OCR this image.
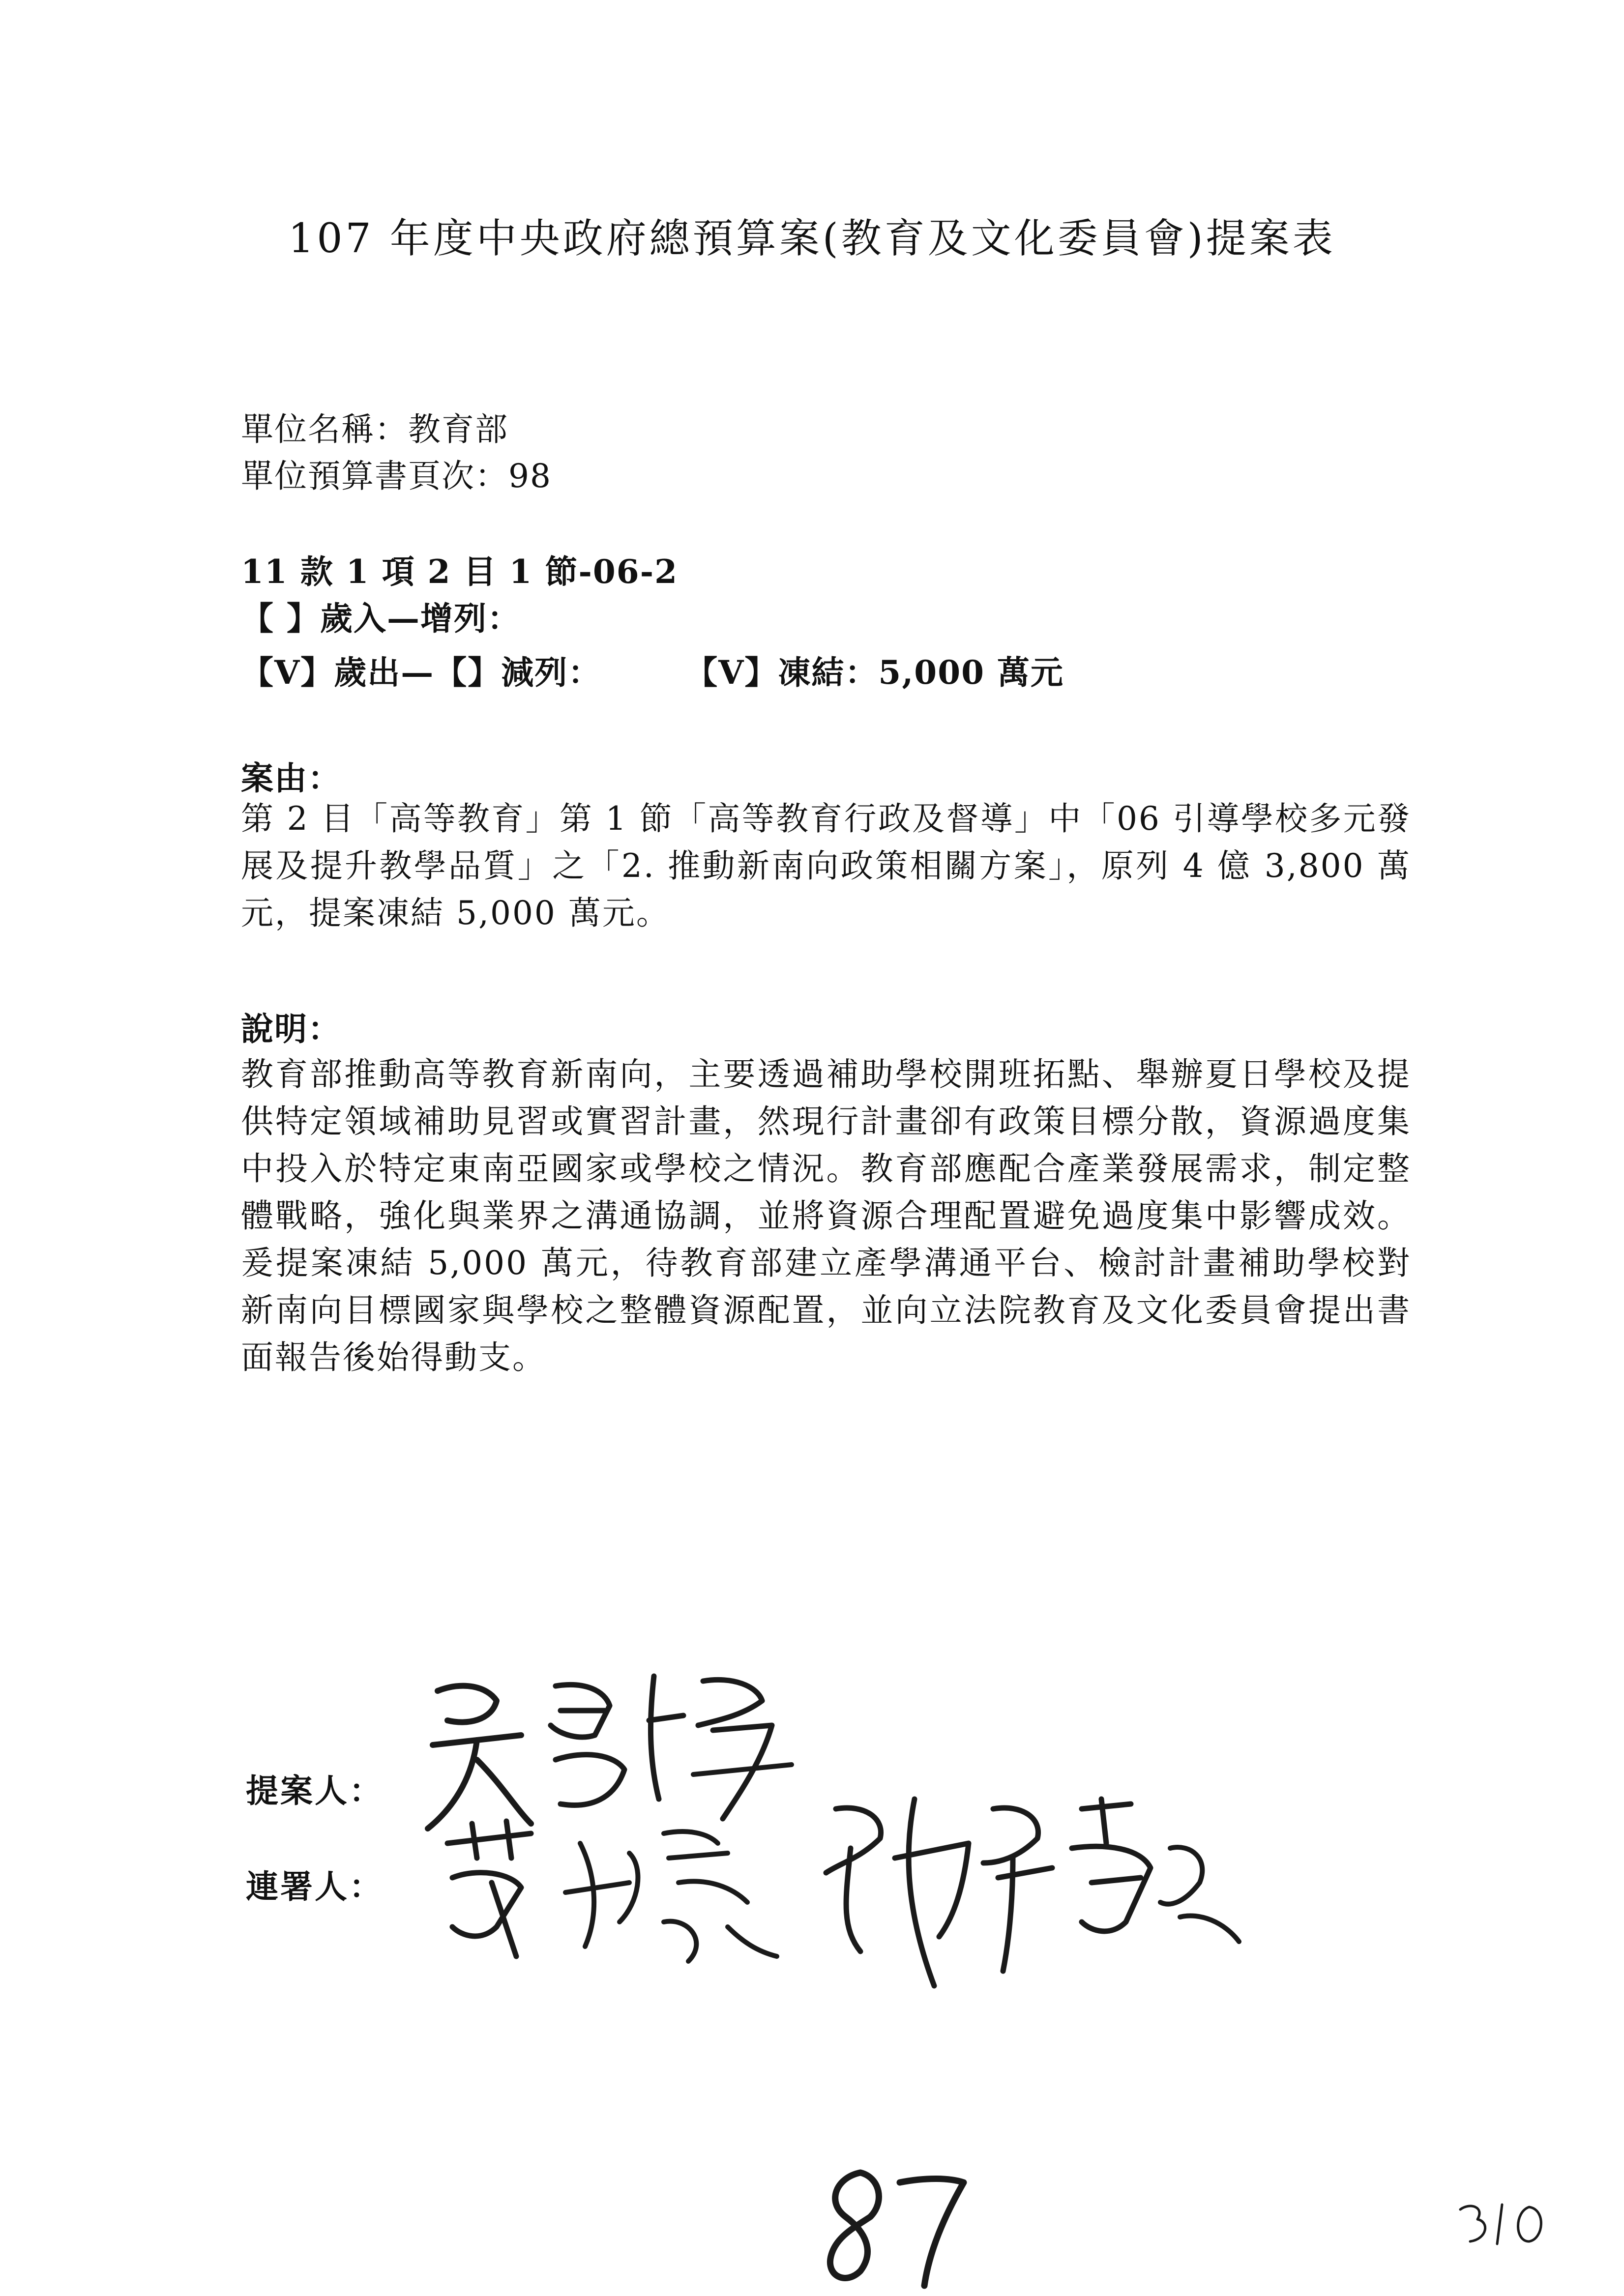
107 年度中央政府總預算案(教育及文化委員會)提案表
單位名稱：教育部
單位預算書頁次：98
11 款 1 項 2 目 1 節-06-2
【 】歲入—增列：
【V】歲出—【】減列：	【V】凍結：5,000 萬元
案由：
第 2 目「高等教育」第 1 節「高等教育行政及督導」中「06 引導學校多元發展及提升教學品質」之「2. 推動新南向政策相關方案」，原列 4 億 3,800 萬元，提案凍結 5,000 萬元。
說明：
教育部推動高等教育新南向，主要透過補助學校開班拓點、舉辦夏日學校及提供特定領域補助見習或實習計畫，然現行計畫卻有政策目標分散，資源過度集中投入於特定東南亞國家或學校之情況。教育部應配合產業發展需求，制定整體戰略，強化與業界之溝通協調，並將資源合理配置避免過度集中影響成效。爰提案凍結 5,000 萬元，待教育部建立產學溝通平台、檢討計畫補助學校對新南向目標國家與學校之整體資源配置，並向立法院教育及文化委員會提出書面報告後始得動支。
提案人：
連署人：
